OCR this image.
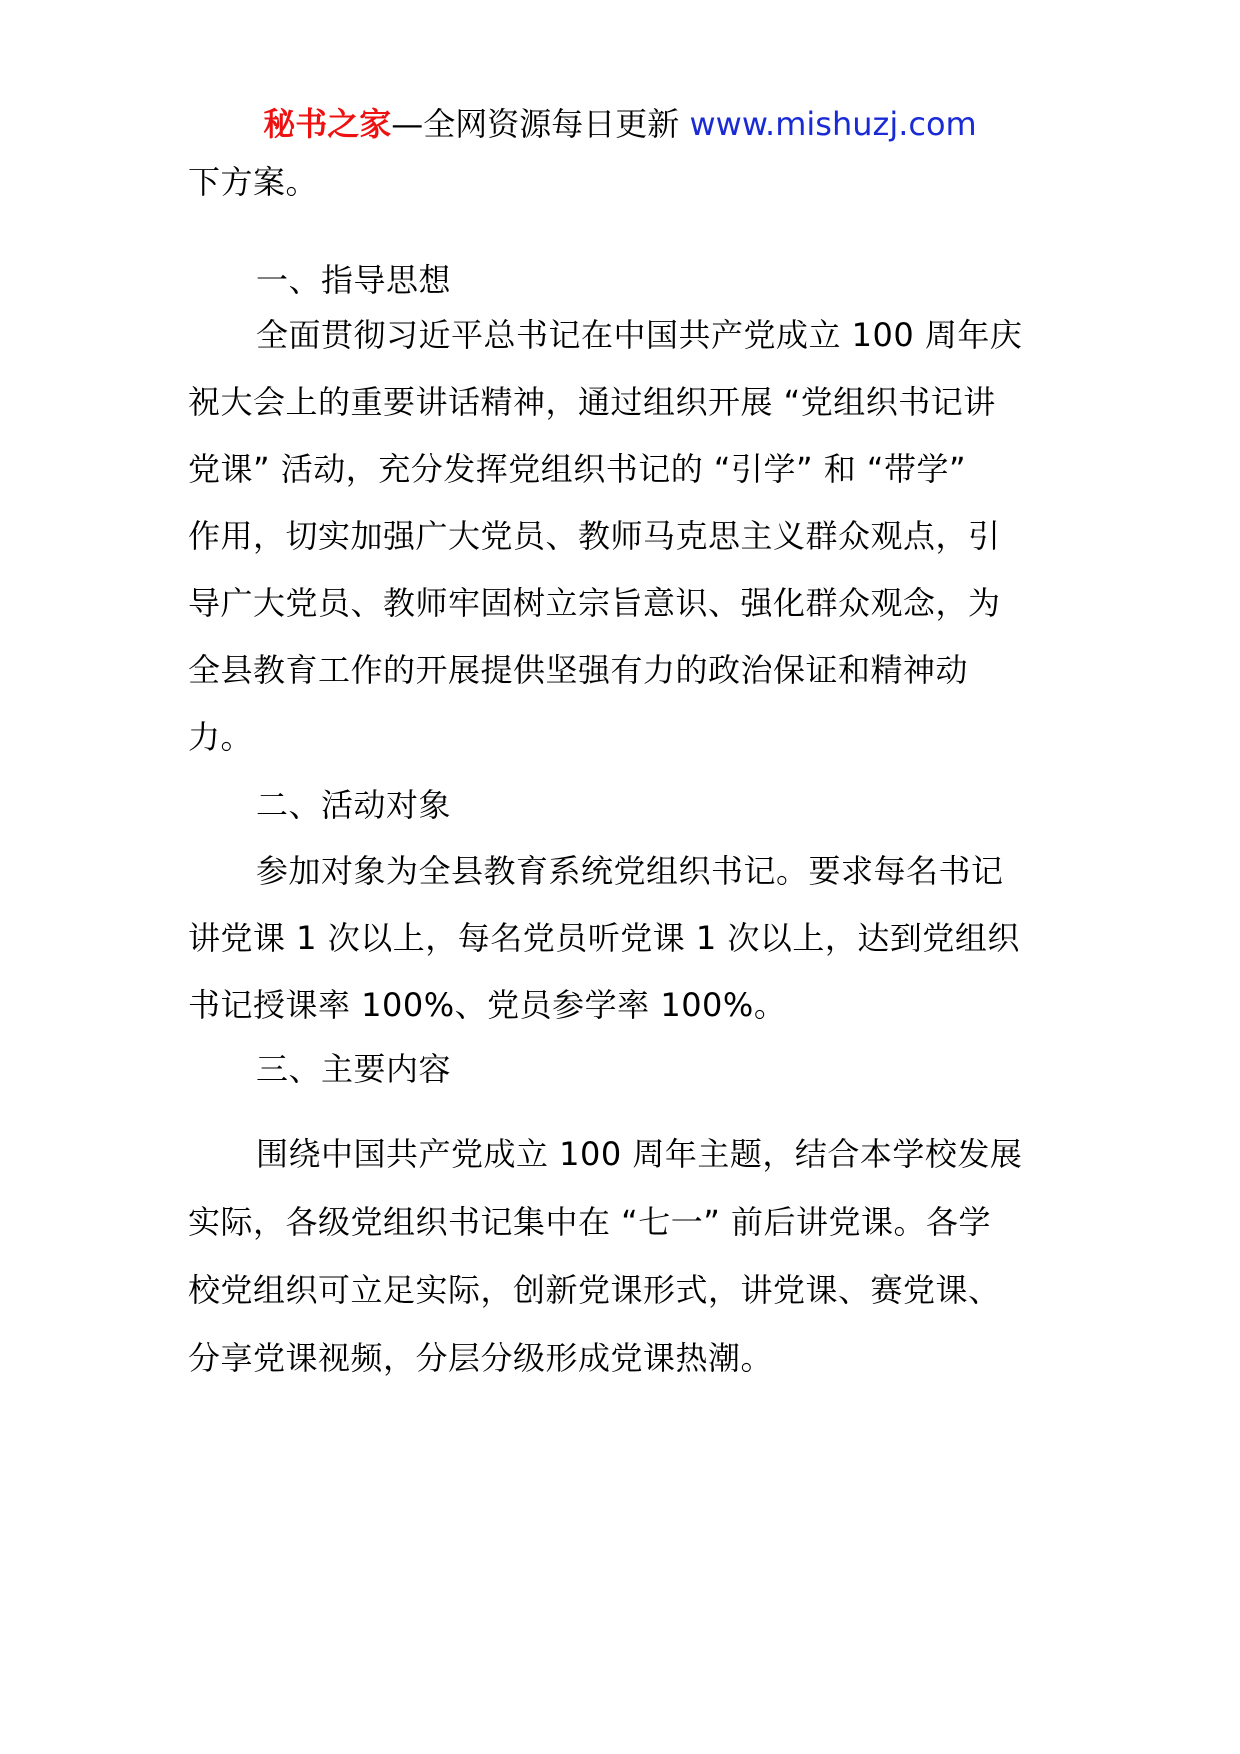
秘书之家—全网资源每日更新 www.mishuzj.com
下方案。
一、指导思想
全面贯彻习近平总书记在中国共产党成立 100 周年庆
祝大会上的重要讲话精神，通过组织开展 “党组织书记讲
党课” 活动，充分发挥党组织书记的 “引学” 和 “带学”
作用，切实加强广大党员、教师马克思主义群众观点，引
导广大党员、教师牢固树立宗旨意识、强化群众观念，为
全县教育工作的开展提供坚强有力的政治保证和精神动
力。
二、活动对象
参加对象为全县教育系统党组织书记。要求每名书记
讲党课 1 次以上，每名党员听党课 1 次以上，达到党组织
书记授课率 100%、党员参学率 100%。
三、主要内容
围绕中国共产党成立 100 周年主题，结合本学校发展
实际，各级党组织书记集中在 “七一” 前后讲党课。各学
校党组织可立足实际，创新党课形式，讲党课、赛党课、
分享党课视频，分层分级形成党课热潮。
